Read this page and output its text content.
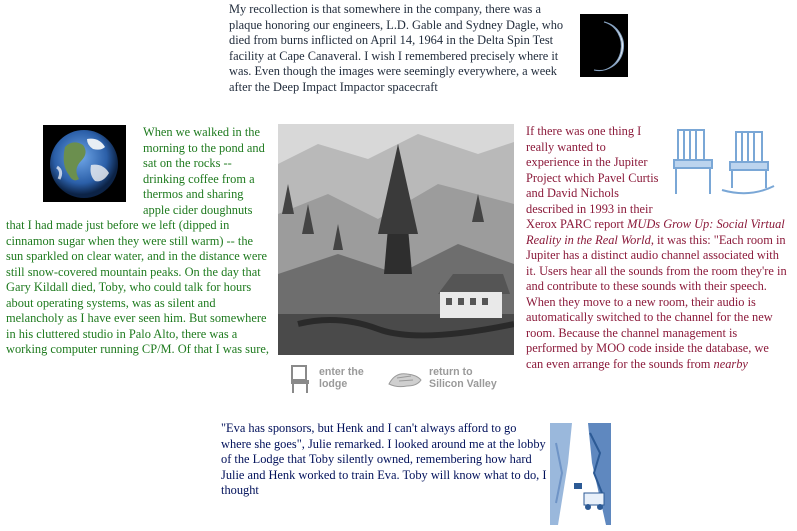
My recollection is that somewhere in the company, there was a plaque honoring our engineers, L.D. Gable and Sydney Dagle, who died from burns inflicted on April 14, 1964 in the Delta Spin Test facility at Cape Canaveral. I wish I remembered precisely where it was. Even though the images were seemingly everywhere, a week after the Deep Impact Impactor spacecraft

When we walked in the morning to the pond and sat on the rocks -- drinking coffee from a thermos and sharing apple cider doughnuts that I had made just before we left (dipped in cinnamon sugar when they were still warm) -- the sun sparkled on clear water, and in the distance were still snow-covered mountain peaks. On the day that Gary Kildall died, Toby, who could talk for hours about operating systems, was as silent and melancholy as I have ever seen him. But somewhere in his cluttered studio in Palo Alto, there was a working computer running CP/M. Of that I was sure,

enter the
lodge
return to
Silicon Valley

If there was one thing I really wanted to experience in the Jupiter Project which Pavel Curtis and David Nichols described in 1993 in their Xerox PARC report MUDs Grow Up: Social Virtual Reality in the Real World, it was this: "Each room in Jupiter has a distinct audio channel associated with it. Users hear all the sounds from the room they're in and contribute to these sounds with their speech. When they move to a new room, their audio is automatically switched to the channel for the new room. Because the channel management is performed by MOO code inside the database, we can even arrange for the sounds from nearby

"Eva has sponsors, but Henk and I can't always afford to go where she goes", Julie remarked. I looked around me at the lobby of the Lodge that Toby silently owned, remembering how hard Julie and Henk worked to train Eva. Toby will know what to do, I thought
